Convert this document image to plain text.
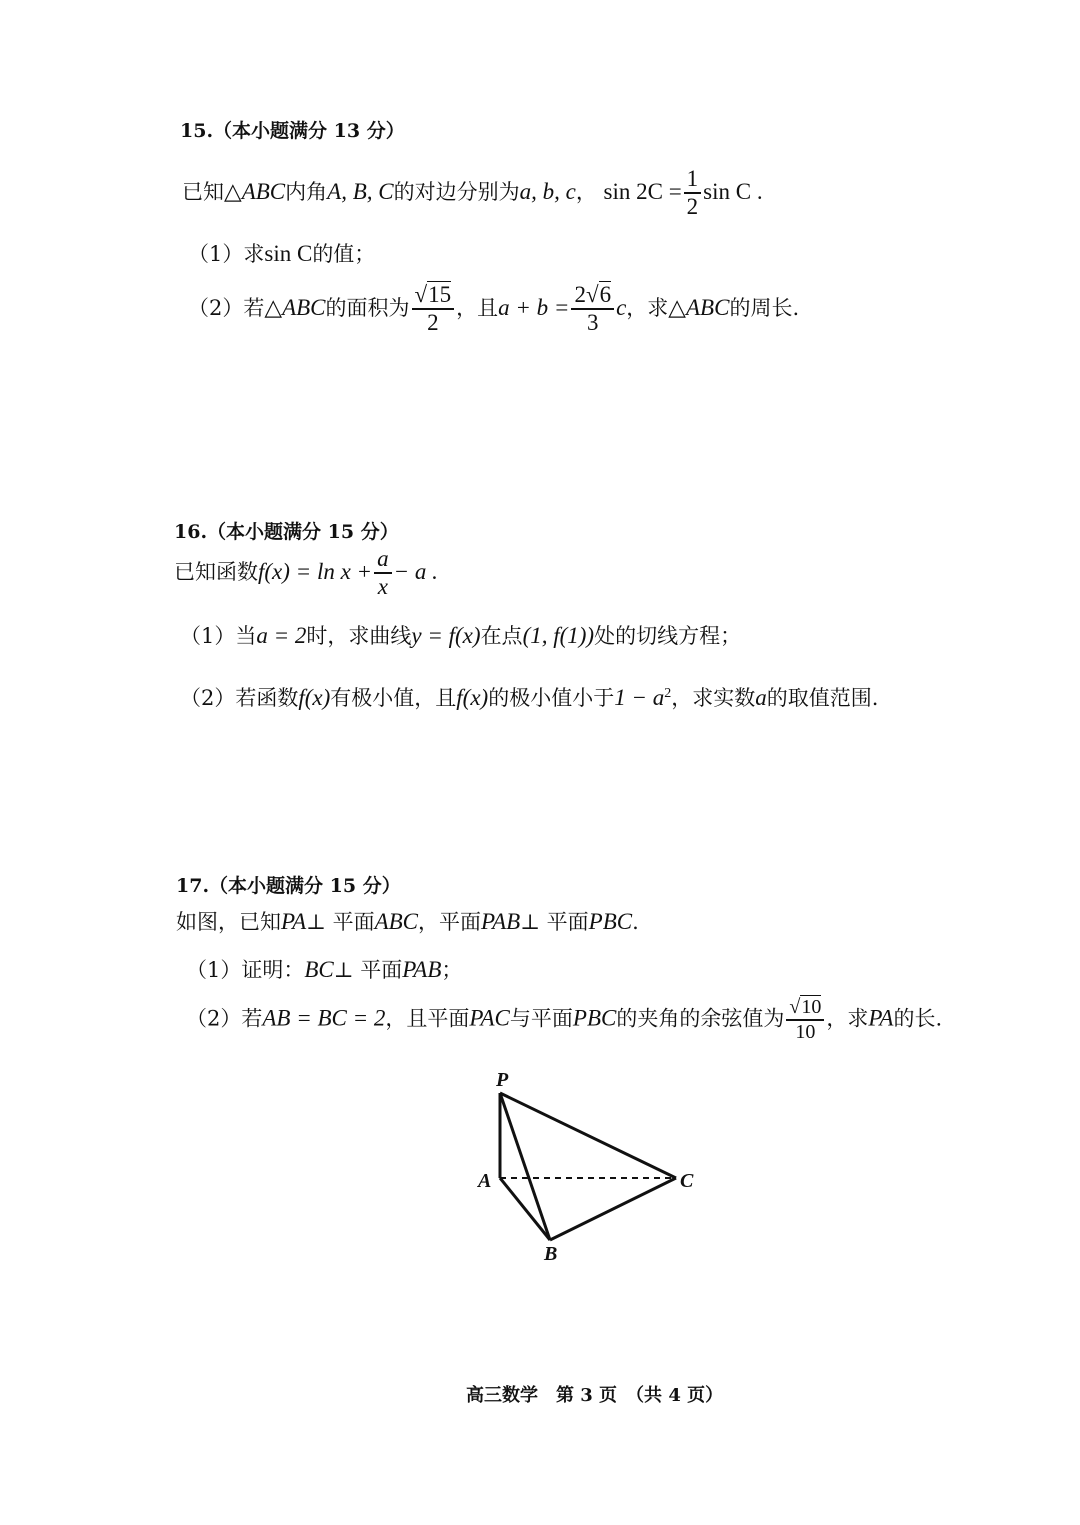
15.（本小题满分 13 分）
已知△ABC内角A, B, C的对边分别为a, b, c， $\sin 2C = \frac{1}{2}$ sin C .
（1）求sin C的值；
（2）若△ABC的面积为 $\frac{√15}{2}$ ，且$a + b = \frac{2√6}{3}$ c，求△ABC的周长.
16.（本小题满分 15 分）
已知函数$f(x) = \ln x + \frac{a}{x} - a$ .
（1）当a = 2时，求曲线y = f(x)在点(1, f(1))处的切线方程；
（2）若函数f(x)有极小值，且f(x)的极小值小于$1 - a^2$，求实数a的取值范围.
17.（本小题满分 15 分）
如图，已知PA⊥ 平面ABC，平面PAB⊥ 平面PBC.
（1）证明：BC⊥ 平面PAB；
（2）若AB = BC = 2，且平面PAC与平面PBC的夹角的余弦值为 $\frac{√10}{10}$ ，求PA的长.
P
A
B
C
高三数学　第 3 页　（共 4 页）
